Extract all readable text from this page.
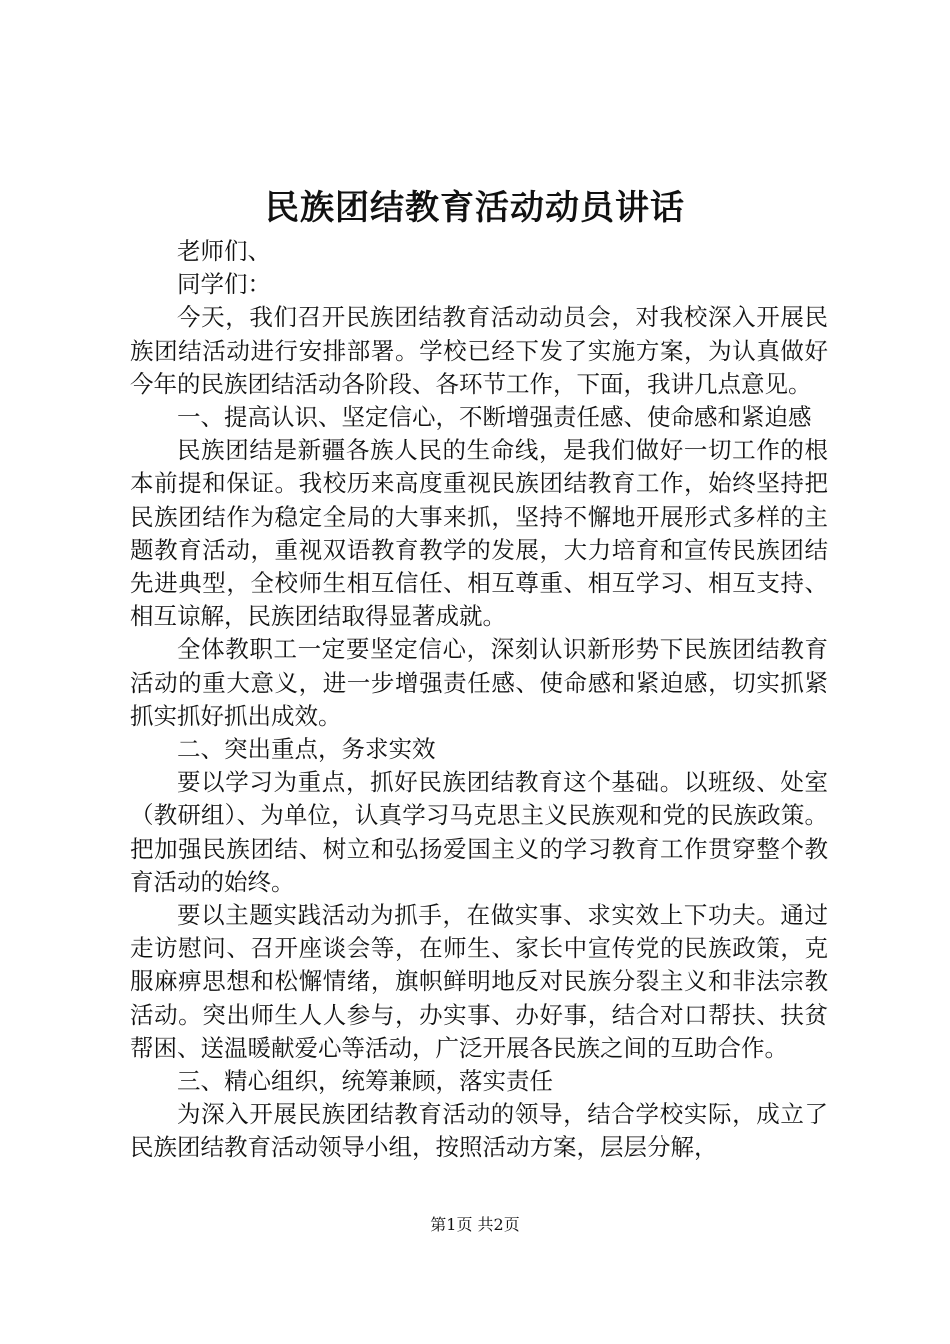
民族团结教育活动动员讲话

老师们、

同学们：

今天，我们召开民族团结教育活动动员会，对我校深入开展民族团结活动进行安排部署。学校已经下发了实施方案，为认真做好今年的民族团结活动各阶段、各环节工作，下面，我讲几点意见。

一、提高认识、坚定信心，不断增强责任感、使命感和紧迫感

民族团结是新疆各族人民的生命线，是我们做好一切工作的根本前提和保证。我校历来高度重视民族团结教育工作，始终坚持把民族团结作为稳定全局的大事来抓，坚持不懈地开展形式多样的主题教育活动，重视双语教育教学的发展，大力培育和宣传民族团结先进典型，全校师生相互信任、相互尊重、相互学习、相互支持、相互谅解，民族团结取得显著成就。

全体教职工一定要坚定信心，深刻认识新形势下民族团结教育活动的重大意义，进一步增强责任感、使命感和紧迫感，切实抓紧抓实抓好抓出成效。

二、突出重点，务求实效

要以学习为重点，抓好民族团结教育这个基础。以班级、处室（教研组）、为单位，认真学习马克思主义民族观和党的民族政策。把加强民族团结、树立和弘扬爱国主义的学习教育工作贯穿整个教育活动的始终。

要以主题实践活动为抓手，在做实事、求实效上下功夫。通过走访慰问、召开座谈会等，在师生、家长中宣传党的民族政策，克服麻痹思想和松懈情绪，旗帜鲜明地反对民族分裂主义和非法宗教活动。突出师生人人参与，办实事、办好事，结合对口帮扶、扶贫帮困、送温暖献爱心等活动，广泛开展各民族之间的互助合作。

三、精心组织，统筹兼顾，落实责任

为深入开展民族团结教育活动的领导，结合学校实际，成立了民族团结教育活动领导小组，按照活动方案，层层分解，

第1页 共2页
